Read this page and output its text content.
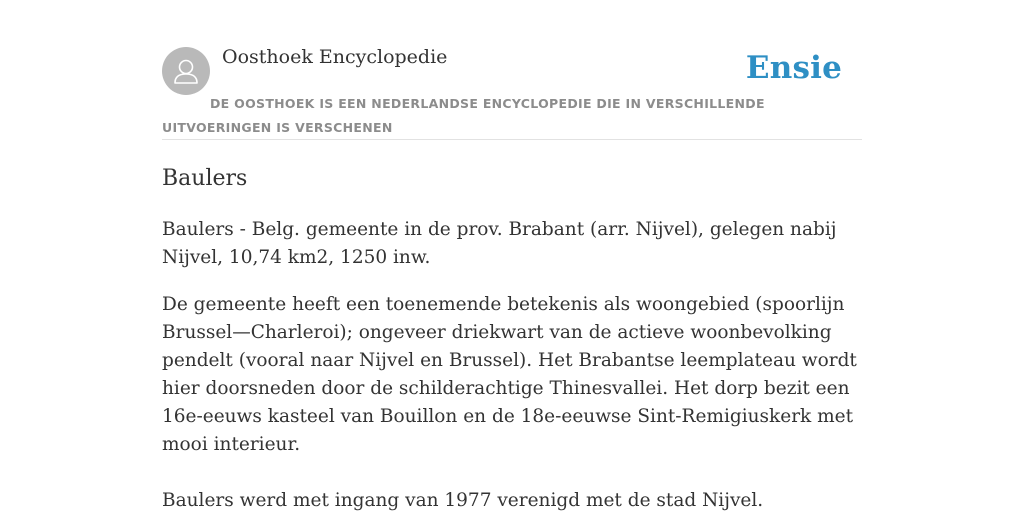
Oosthoek Encyclopedie	Ensie
DE OOSTHOEK IS EEN NEDERLANDSE ENCYCLOPEDIE DIE IN VERSCHILLENDE UITVOERINGEN IS VERSCHENEN
Baulers

Baulers - Belg. gemeente in de prov. Brabant (arr. Nijvel), gelegen nabij Nijvel, 10,74 km2, 1250 inw.

De gemeente heeft een toenemende betekenis als woongebied (spoorlijn Brussel—Charleroi); ongeveer driekwart van de actieve woonbevolking pendelt (vooral naar Nijvel en Brussel). Het Brabantse leemplateau wordt hier doorsneden door de schilderachtige Thinesvallei. Het dorp bezit een 16e-eeuws kasteel van Bouillon en de 18e-eeuwse Sint-Remigiuskerk met mooi interieur.

Baulers werd met ingang van 1977 verenigd met de stad Nijvel.
